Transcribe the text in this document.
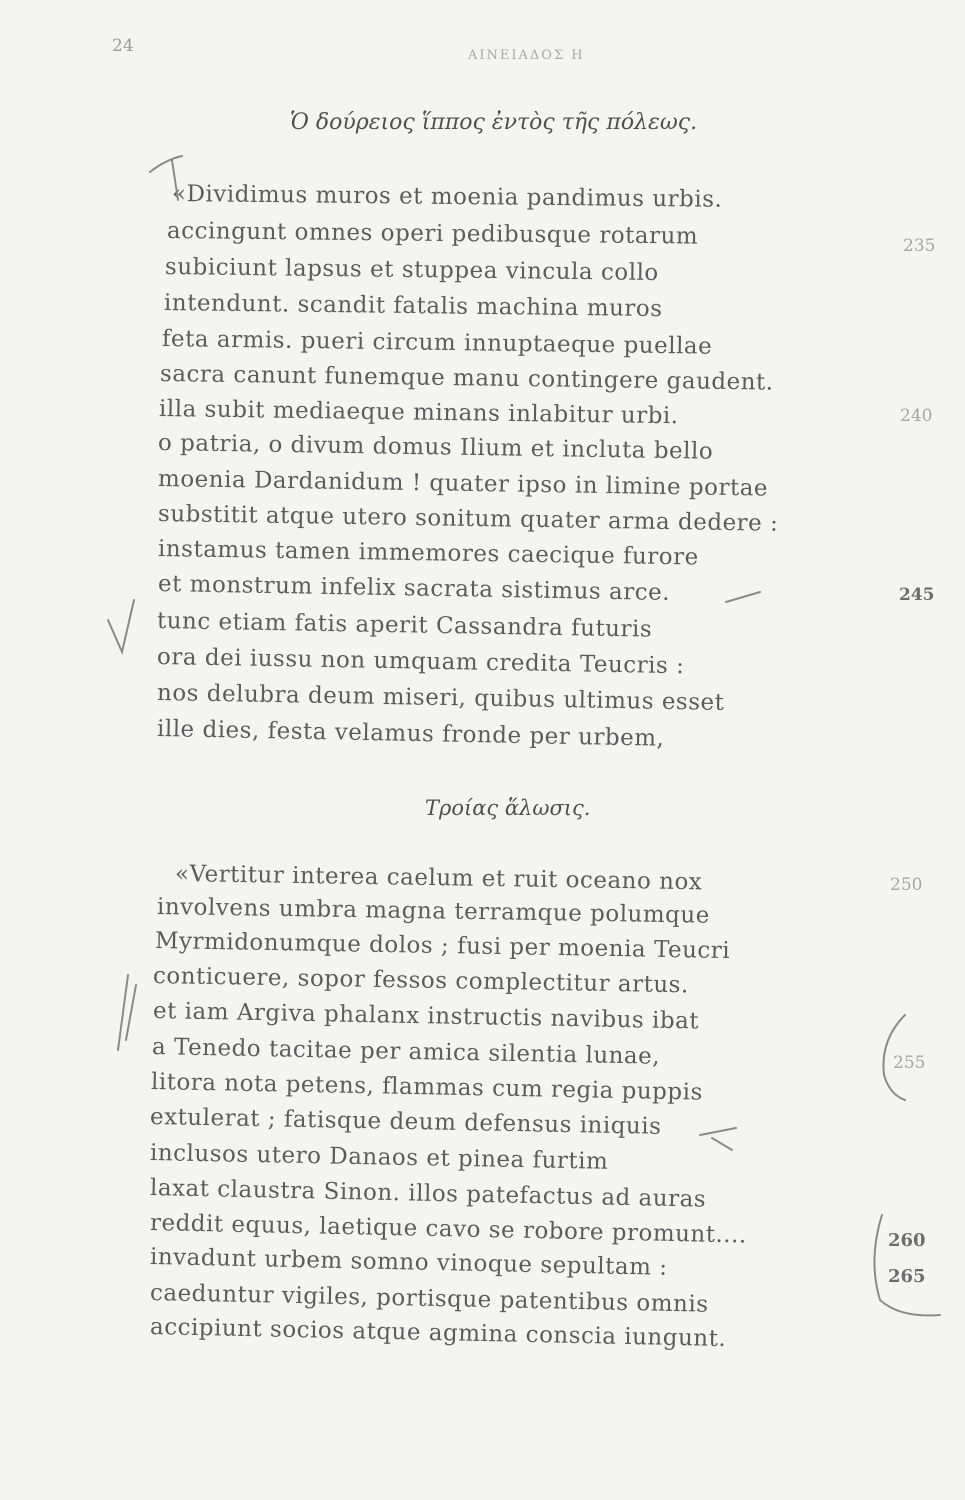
24	ΑΙΝΕΙΑΔΟΣ Η
Ὁ δούρειος ἵππος ἐντὸς τῆς πόλεως.
«Dividimus muros et moenia pandimus urbis.
accingunt omnes operi pedibusque rotarum
subiciunt lapsus et stuppea vincula collo
intendunt. scandit fatalis machina muros
feta armis. pueri circum innuptaeque puellae
sacra canunt funemque manu contingere gaudent.
illa subit mediaeque minans inlabitur urbi.
o patria, o divum domus Ilium et incluta bello
moenia Dardanidum ! quater ipso in limine portae
substitit atque utero sonitum quater arma dedere :
instamus tamen immemores caecique furore
et monstrum infelix sacrata sistimus arce.
tunc etiam fatis aperit Cassandra futuris
ora dei iussu non umquam credita Teucris :
nos delubra deum miseri, quibus ultimus esset
ille dies, festa velamus fronde per urbem,
235
240
245
Τροίας ἅλωσις.
«Vertitur interea caelum et ruit oceano nox
involvens umbra magna terramque polumque
Myrmidonumque dolos ; fusi per moenia Teucri
conticuere, sopor fessos complectitur artus.
et iam Argiva phalanx instructis navibus ibat
a Tenedo tacitae per amica silentia lunae,
litora nota petens, flammas cum regia puppis
extulerat ; fatisque deum defensus iniquis
inclusos utero Danaos et pinea furtim
laxat claustra Sinon. illos patefactus ad auras
reddit equus, laetique cavo se robore promunt....
invadunt urbem somno vinoque sepultam :
caeduntur vigiles, portisque patentibus omnis
accipiunt socios atque agmina conscia iungunt.
250
255
260
265
